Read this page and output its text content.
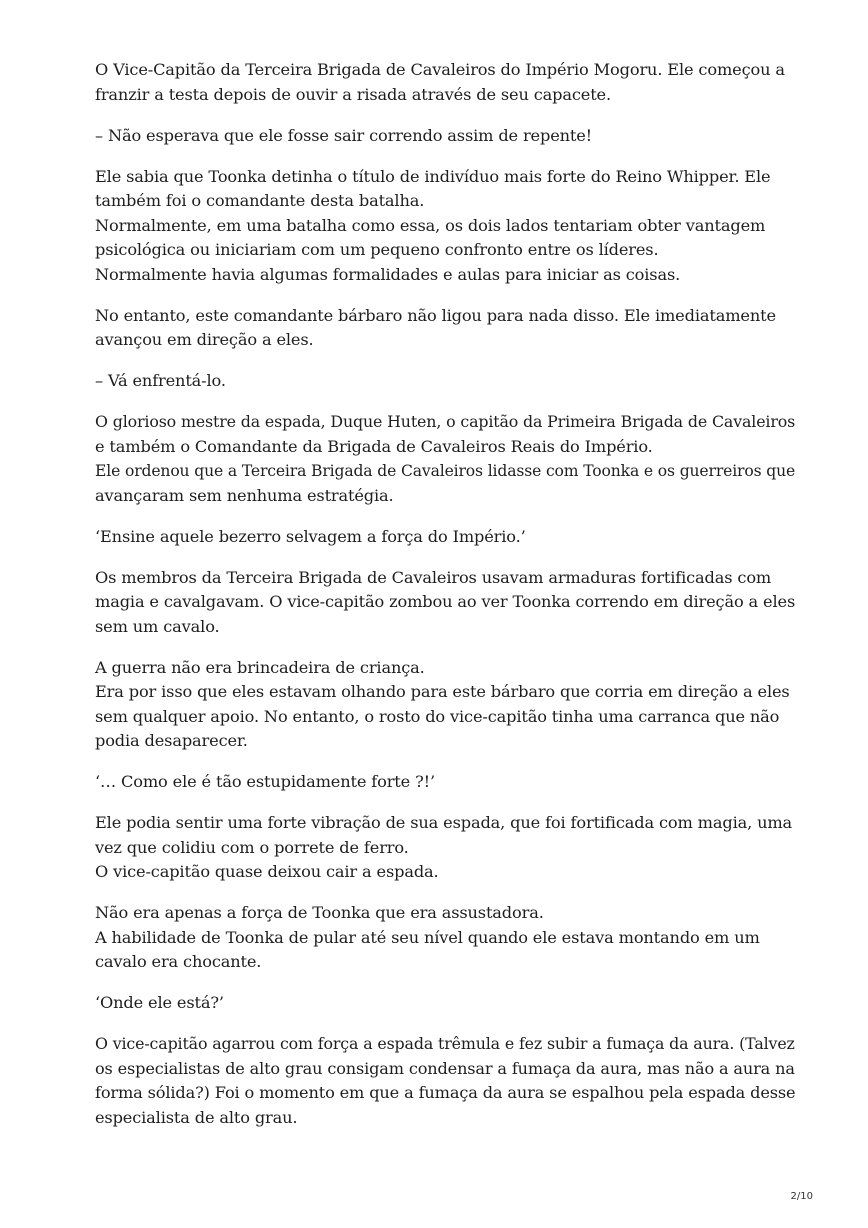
O Vice-Capitão da Terceira Brigada de Cavaleiros do Império Mogoru. Ele começou a
franzir a testa depois de ouvir a risada através de seu capacete.

– Não esperava que ele fosse sair correndo assim de repente!

Ele sabia que Toonka detinha o título de indivíduo mais forte do Reino Whipper. Ele
também foi o comandante desta batalha.
Normalmente, em uma batalha como essa, os dois lados tentariam obter vantagem
psicológica ou iniciariam com um pequeno confronto entre os líderes.
Normalmente havia algumas formalidades e aulas para iniciar as coisas.

No entanto, este comandante bárbaro não ligou para nada disso. Ele imediatamente
avançou em direção a eles.

– Vá enfrentá-lo.

O glorioso mestre da espada, Duque Huten, o capitão da Primeira Brigada de Cavaleiros
e também o Comandante da Brigada de Cavaleiros Reais do Império.
Ele ordenou que a Terceira Brigada de Cavaleiros lidasse com Toonka e os guerreiros que
avançaram sem nenhuma estratégia.

‘Ensine aquele bezerro selvagem a força do Império.’

Os membros da Terceira Brigada de Cavaleiros usavam armaduras fortificadas com
magia e cavalgavam. O vice-capitão zombou ao ver Toonka correndo em direção a eles
sem um cavalo.

A guerra não era brincadeira de criança.
Era por isso que eles estavam olhando para este bárbaro que corria em direção a eles
sem qualquer apoio. No entanto, o rosto do vice-capitão tinha uma carranca que não
podia desaparecer.

‘… Como ele é tão estupidamente forte ?!’

Ele podia sentir uma forte vibração de sua espada, que foi fortificada com magia, uma
vez que colidiu com o porrete de ferro.
O vice-capitão quase deixou cair a espada.

Não era apenas a força de Toonka que era assustadora.
A habilidade de Toonka de pular até seu nível quando ele estava montando em um
cavalo era chocante.

‘Onde ele está?’

O vice-capitão agarrou com força a espada trêmula e fez subir a fumaça da aura. (Talvez
os especialistas de alto grau consigam condensar a fumaça da aura, mas não a aura na
forma sólida?) Foi o momento em que a fumaça da aura se espalhou pela espada desse
especialista de alto grau.

2/10
